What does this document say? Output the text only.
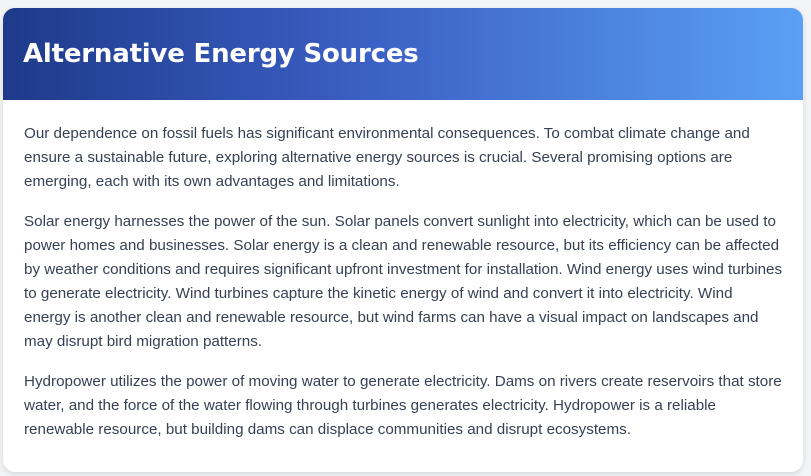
Alternative Energy Sources

Our dependence on fossil fuels has significant environmental consequences. To combat climate change and ensure a sustainable future, exploring alternative energy sources is crucial. Several promising options are emerging, each with its own advantages and limitations.

Solar energy harnesses the power of the sun. Solar panels convert sunlight into electricity, which can be used to power homes and businesses. Solar energy is a clean and renewable resource, but its efficiency can be affected by weather conditions and requires significant upfront investment for installation. Wind energy uses wind turbines to generate electricity. Wind turbines capture the kinetic energy of wind and convert it into electricity. Wind energy is another clean and renewable resource, but wind farms can have a visual impact on landscapes and may disrupt bird migration patterns.

Hydropower utilizes the power of moving water to generate electricity. Dams on rivers create reservoirs that store water, and the force of the water flowing through turbines generates electricity. Hydropower is a reliable renewable resource, but building dams can displace communities and disrupt ecosystems.
